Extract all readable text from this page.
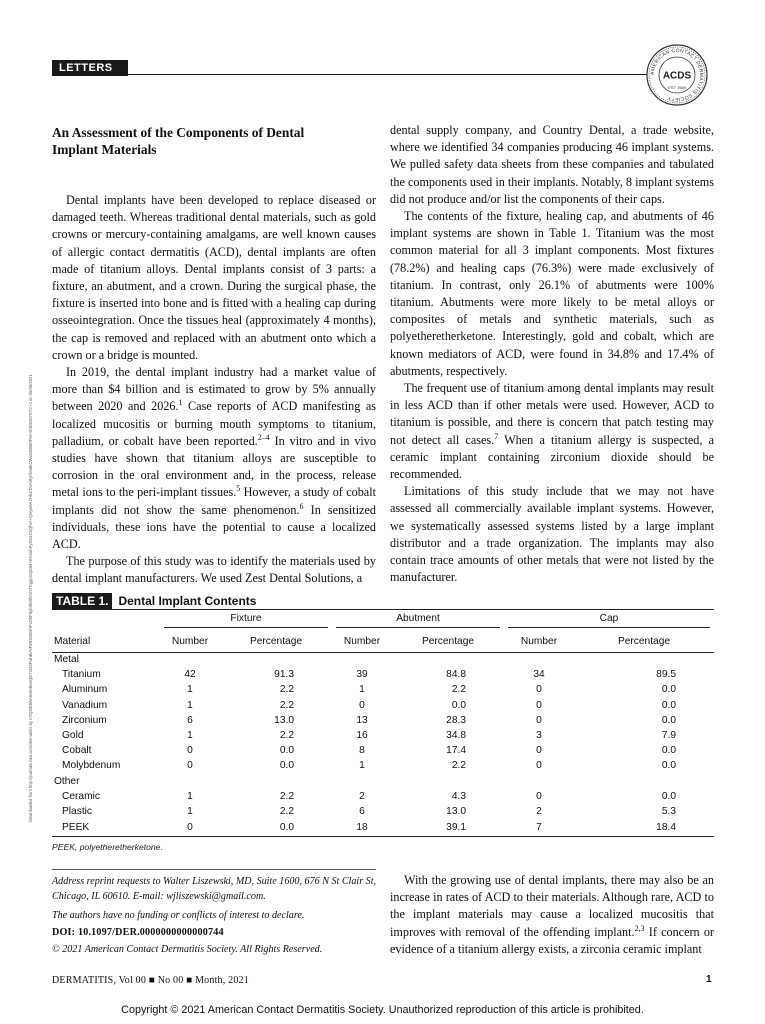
LETTERS	AMERICAN CONTACT DERMATITIS SOCIETY
ACDS
EST 1989
Downloaded from http://journals.lww.com/dermatitis by nYQ5tEBhA9x9nBxnQEYOd2FUnBvNPzRXDE5hFvOhPdybXklXhm/VlTqgIpGQn8d+DN4uhFyXG4C6Qhvr+Qmyw5A2Hk1rDVAi9y0fvs8kOWwz5tB6ItFM+vh9GD87K7C+4 on 06/09/2021
An Assessment of the Components of Dental Implant Materials

Dental implants have been developed to replace diseased or damaged teeth. Whereas traditional dental materials, such as gold crowns or mercury-containing amalgams, are well known causes of allergic contact dermatitis (ACD), dental implants are often made of titanium alloys. Dental implants consist of 3 parts: a fixture, an abutment, and a crown. During the surgical phase, the fixture is inserted into bone and is fitted with a healing cap during osseointegration. Once the tissues heal (approximately 4 months), the cap is removed and replaced with an abutment onto which a crown or a bridge is mounted.

In 2019, the dental implant industry had a market value of more than $4 billion and is estimated to grow by 5% annually between 2020 and 2026.$^1$ Case reports of ACD manifesting as localized mucositis or burning mouth symptoms to titanium, palladium, or cobalt have been reported.$^{2-4}$ In vitro and in vivo studies have shown that titanium alloys are susceptible to corrosion in the oral environment and, in the process, release metal ions to the peri-implant tissues.$^5$ However, a study of cobalt implants did not show the same phenomenon.$^6$ In sensitized individuals, these ions have the potential to cause a localized ACD.

The purpose of this study was to identify the materials used by dental implant manufacturers. We used Zest Dental Solutions, a

dental supply company, and Country Dental, a trade website, where we identified 34 companies producing 46 implant systems. We pulled safety data sheets from these companies and tabulated the components used in their implants. Notably, 8 implant systems did not produce and/or list the components of their caps.

The contents of the fixture, healing cap, and abutments of 46 implant systems are shown in Table 1. Titanium was the most common material for all 3 implant components. Most fixtures (78.2%) and healing caps (76.3%) were made exclusively of titanium. In contrast, only 26.1% of abutments were 100% titanium. Abutments were more likely to be metal alloys or composites of metals and synthetic materials, such as polyetheretherketone. Interestingly, gold and cobalt, which are known mediators of ACD, were found in 34.8% and 17.4% of abutments, respectively.

The frequent use of titanium among dental implants may result in less ACD than if other metals were used. However, ACD to titanium is possible, and there is concern that patch testing may not detect all cases.$^7$ When a titanium allergy is suspected, a ceramic implant containing zirconium dioxide should be recommended.

Limitations of this study include that we may not have assessed all commercially available implant systems. However, we systematically assessed systems listed by a large implant distributor and a trade organization. The implants may also contain trace amounts of other metals that were not listed by the manufacturer.

TABLE 1. Dental Implant Contents

	Fixture		Abutment		Cap	

Material	Number	Percentage	Number	Percentage	Number	Percentage
Metal						
Titanium	42	91.3	39	84.8	34	89.5
Aluminum	1	2.2	1	2.2	0	0.0
Vanadium	1	2.2	0	0.0	0	0.0
Zirconium	6	13.0	13	28.3	0	0.0
Gold	1	2.2	16	34.8	3	7.9
Cobalt	0	0.0	8	17.4	0	0.0
Molybdenum	0	0.0	1	2.2	0	0.0
Other						
Ceramic	1	2.2	2	4.3	0	0.0
Plastic	1	2.2	6	13.0	2	5.3
PEEK	0	0.0	18	39.1	7	18.4
PEEK, polyetheretherketone.
Address reprint requests to Walter Liszewski, MD, Suite 1600, 676 N St Clair St, Chicago, IL 60610. E-mail: wjliszewski@gmail.com.
The authors have no funding or conflicts of interest to declare.
DOI: 10.1097/DER.0000000000000744
© 2021 American Contact Dermatitis Society. All Rights Reserved.

With the growing use of dental implants, there may also be an increase in rates of ACD to their materials. Although rare, ACD to the implant materials may cause a localized mucositis that improves with removal of the offending implant.$^{2,3}$ If concern or evidence of a titanium allergy exists, a zirconia ceramic implant

DERMATITIS, Vol 00 ■ No 00 ■ Month, 2021	1
Copyright © 2021 American Contact Dermatitis Society. Unauthorized reproduction of this article is prohibited.
